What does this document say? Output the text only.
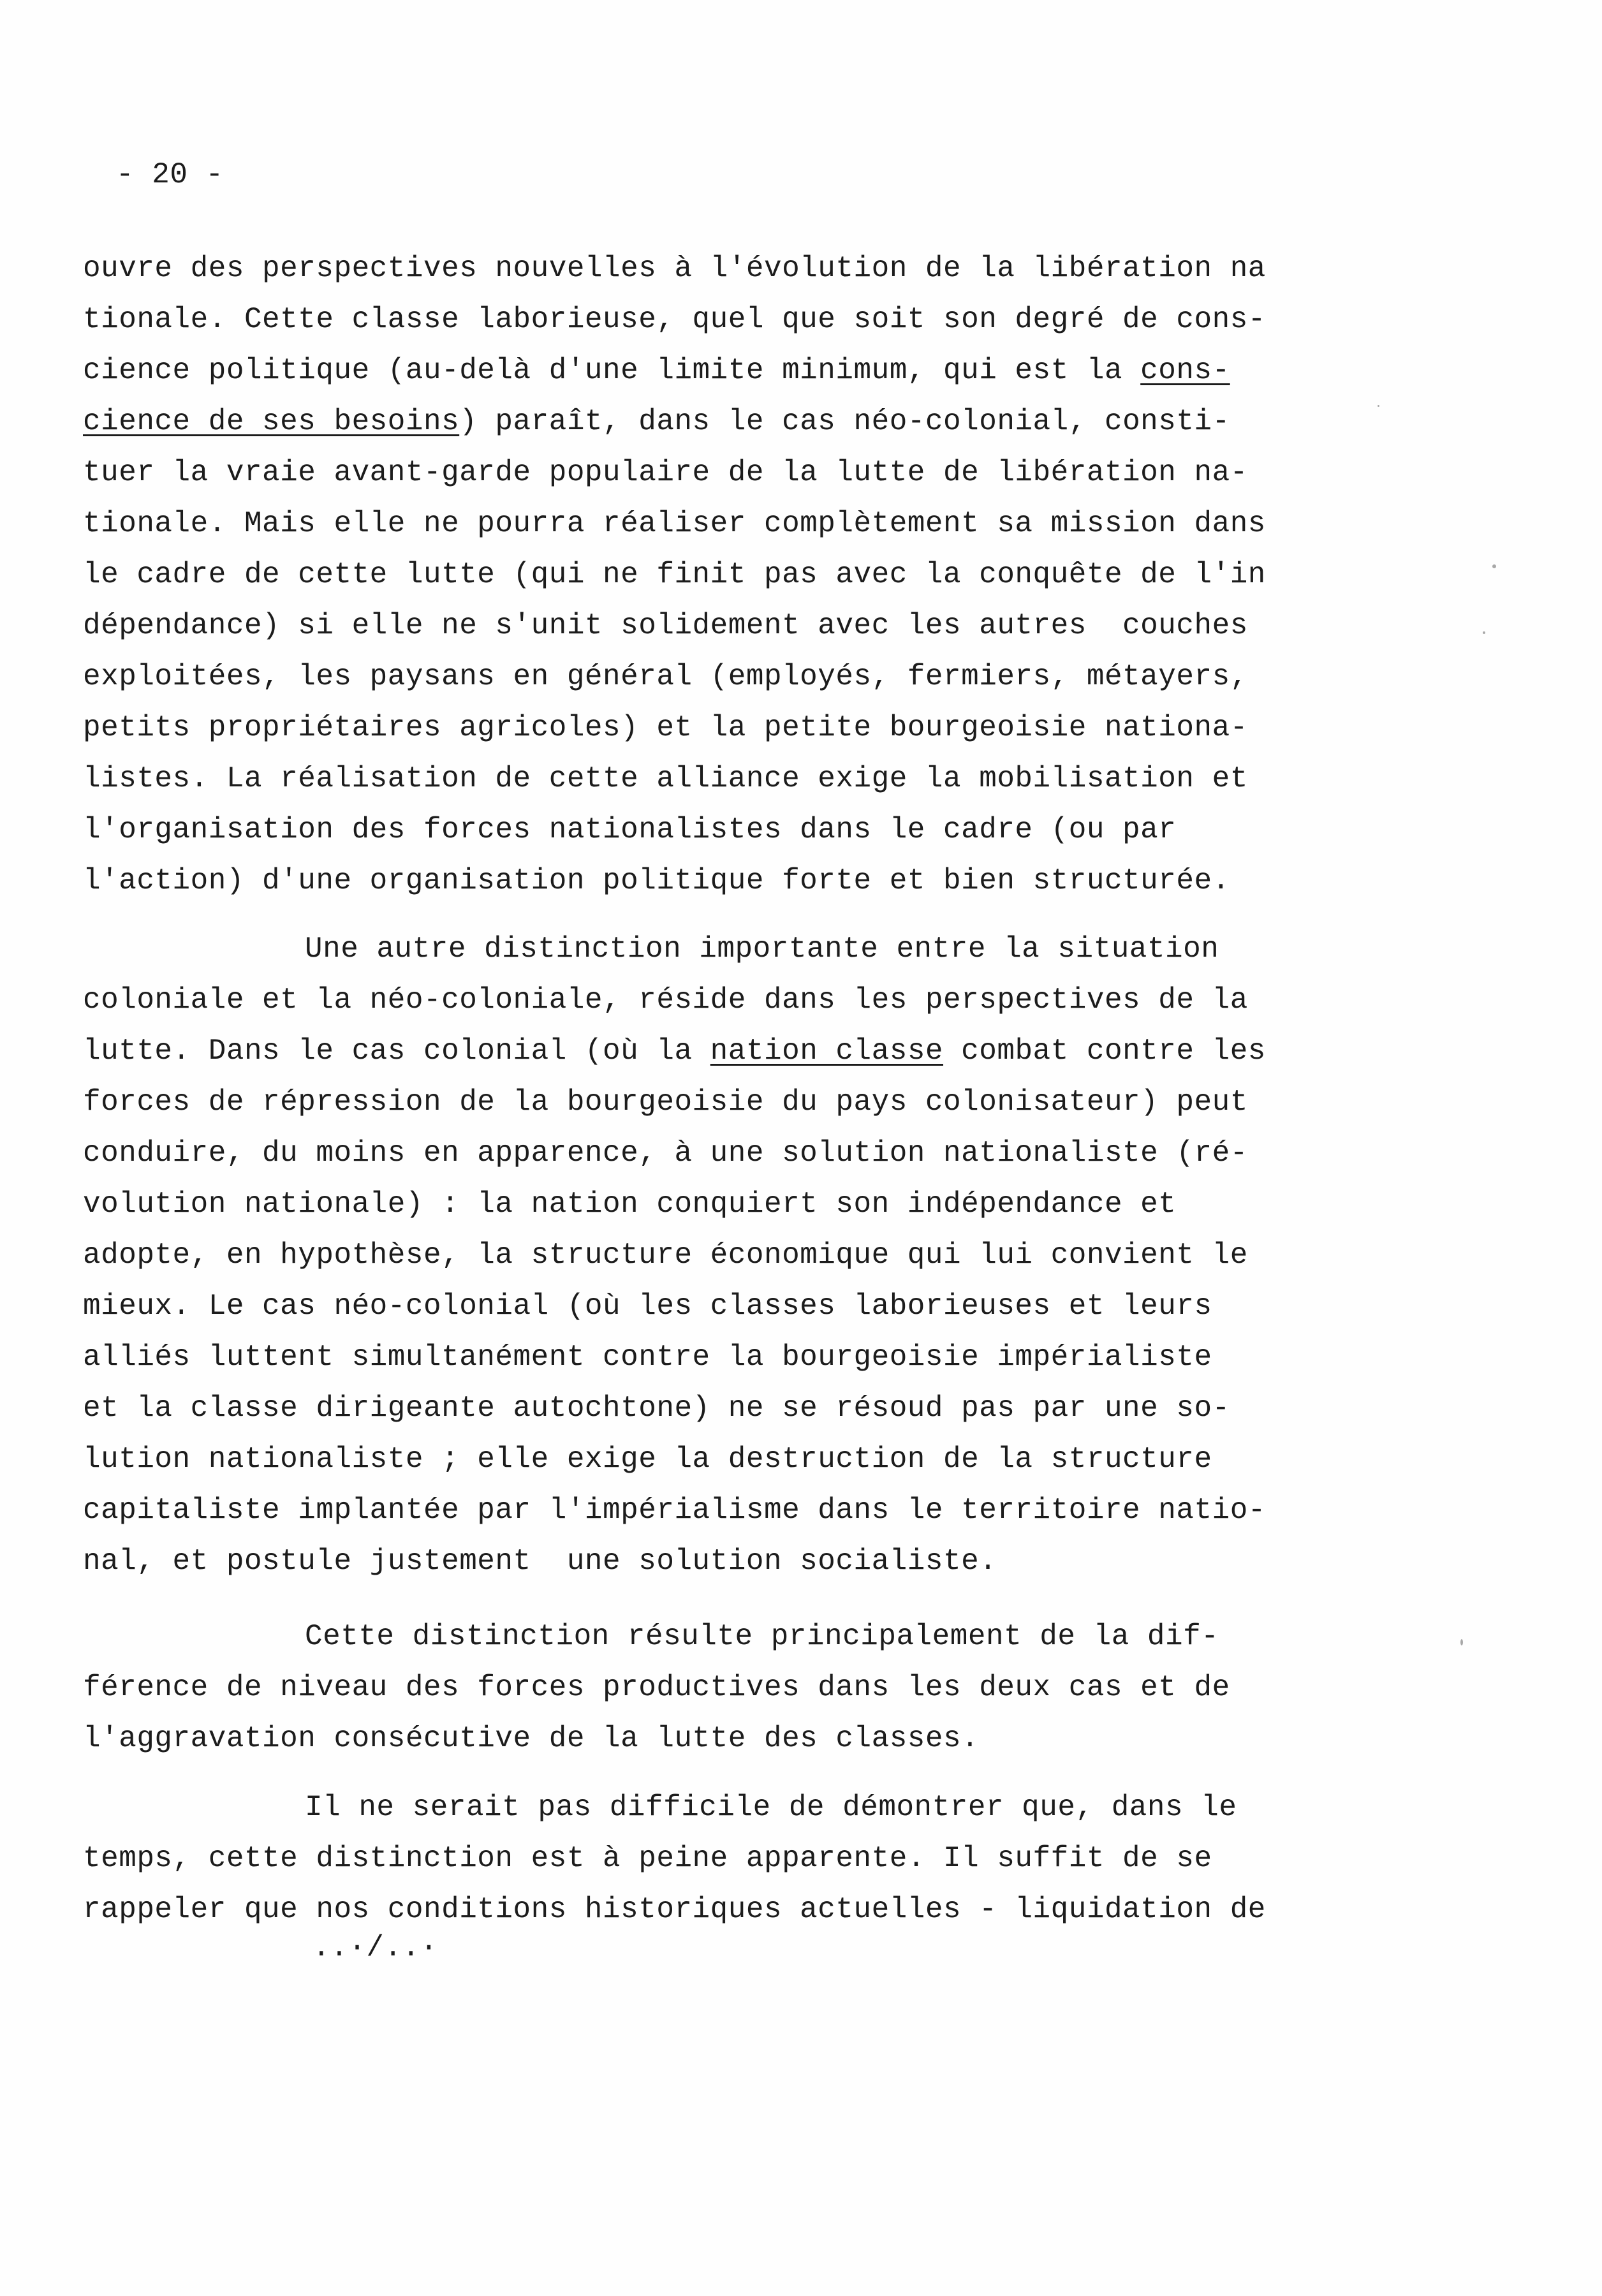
- 20 -
ouvre des perspectives nouvelles à l'évolution de la libération na
tionale. Cette classe laborieuse, quel que soit son degré de cons-
cience politique (au-delà d'une limite minimum, qui est la cons-
cience de ses besoins) paraît, dans le cas néo-colonial, consti-
tuer la vraie avant-garde populaire de la lutte de libération na-
tionale. Mais elle ne pourra réaliser complètement sa mission dans
le cadre de cette lutte (qui ne finit pas avec la conquête de l'in
dépendance) si elle ne s'unit solidement avec les autres  couches
exploitées, les paysans en général (employés, fermiers, métayers,
petits propriétaires agricoles) et la petite bourgeoisie nationa-
listes. La réalisation de cette alliance exige la mobilisation et
l'organisation des forces nationalistes dans le cadre (ou par
l'action) d'une organisation politique forte et bien structurée.
Une autre distinction importante entre la situation
coloniale et la néo-coloniale, réside dans les perspectives de la
lutte. Dans le cas colonial (où la nation classe combat contre les
forces de répression de la bourgeoisie du pays colonisateur) peut
conduire, du moins en apparence, à une solution nationaliste (ré-
volution nationale) : la nation conquiert son indépendance et
adopte, en hypothèse, la structure économique qui lui convient le
mieux. Le cas néo-colonial (où les classes laborieuses et leurs
alliés luttent simultanément contre la bourgeoisie impérialiste
et la classe dirigeante autochtone) ne se résoud pas par une so-
lution nationaliste ; elle exige la destruction de la structure
capitaliste implantée par l'impérialisme dans le territoire natio-
nal, et postule justement  une solution socialiste.
Cette distinction résulte principalement de la dif-
férence de niveau des forces productives dans les deux cas et de
l'aggravation consécutive de la lutte des classes.
Il ne serait pas difficile de démontrer que, dans le
temps, cette distinction est à peine apparente. Il suffit de se
rappeler que nos conditions historiques actuelles - liquidation de
..·/..·
